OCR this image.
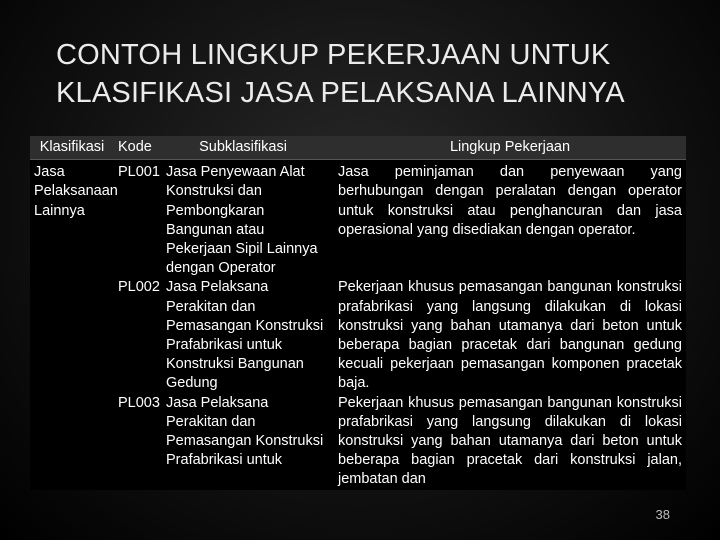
CONTOH LINGKUP PEKERJAAN UNTUK
KLASIFIKASI JASA PELAKSANA LAINNYA
Klasifikasi	Kode	Subklasifikasi	Lingkup Pekerjaan
Jasa Pelaksanaan Lainnya	PL001	Jasa Penyewaan Alat Konstruksi dan Pembongkaran Bangunan atau Pekerjaan Sipil Lainnya dengan Operator	Jasa peminjaman dan penyewaan yang berhubungan dengan peralatan dengan operator untuk konstruksi atau penghancuran dan jasa operasional yang disediakan dengan operator.
	PL002	Jasa Pelaksana Perakitan dan Pemasangan Konstruksi Prafabrikasi untuk Konstruksi Bangunan Gedung	Pekerjaan khusus pemasangan bangunan konstruksi prafabrikasi yang langsung dilakukan di lokasi konstruksi yang bahan utamanya dari beton untuk beberapa bagian pracetak dari bangunan gedung kecuali pekerjaan pemasangan komponen pracetak baja.
	PL003	Jasa Pelaksana Perakitan dan Pemasangan Konstruksi Prafabrikasi untuk	Pekerjaan khusus pemasangan bangunan konstruksi prafabrikasi yang langsung dilakukan di lokasi konstruksi yang bahan utamanya dari beton untuk beberapa bagian pracetak dari konstruksi jalan, jembatan dan
38
